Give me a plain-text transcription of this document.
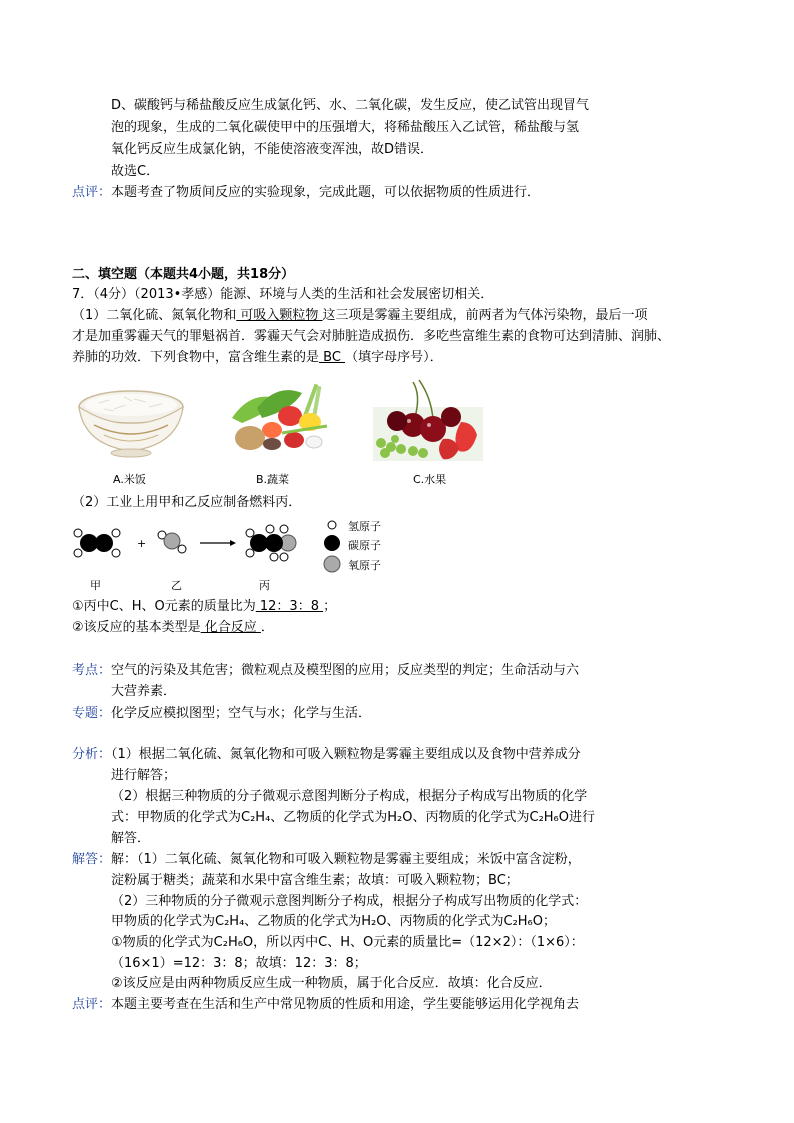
D、碳酸钙与稀盐酸反应生成氯化钙、水、二氧化碳，发生反应，使乙试管出现冒气
泡的现象，生成的二氧化碳使甲中的压强增大，将稀盐酸压入乙试管，稀盐酸与氢
氧化钙反应生成氯化钠，不能使溶液变浑浊，故D错误．
故选C．
点评：本题考查了物质间反应的实验现象，完成此题，可以依据物质的性质进行．
二、填空题（本题共4小题，共18分）
7．（4分）（2013•孝感）能源、环境与人类的生活和社会发展密切相关．
（1）二氧化硫、氮氧化物和 可吸入颗粒物 这三项是雾霾主要组成，前两者为气体污染物，最后一项
才是加重雾霾天气的罪魁祸首．雾霾天气会对肺脏造成损伤．多吃些富维生素的食物可达到清肺、润肺、
养肺的功效．下列食物中，富含维生素的是 BC （填字母序号）．
A.米饭	B.蔬菜	C.水果
（2）工业上用甲和乙反应制备燃料丙．
+
氢原子
碳原子
氧原子
甲	乙	丙
①丙中C、H、O元素的质量比为 12：3：8 ；
②该反应的基本类型是 化合反应 ．
考点：空气的污染及其危害；微粒观点及模型图的应用；反应类型的判定；生命活动与六
大营养素．
专题：化学反应模拟图型；空气与水；化学与生活．
分析：（1）根据二氧化硫、氮氧化物和可吸入颗粒物是雾霾主要组成以及食物中营养成分
进行解答；
（2）根据三种物质的分子微观示意图判断分子构成，根据分子构成写出物质的化学
式：甲物质的化学式为C₂H₄、乙物质的化学式为H₂O、丙物质的化学式为C₂H₆O进行
解答．
解答：解：（1）二氧化硫、氮氧化物和可吸入颗粒物是雾霾主要组成；米饭中富含淀粉，
淀粉属于糖类；蔬菜和水果中富含维生素；故填：可吸入颗粒物；BC；
（2）三种物质的分子微观示意图判断分子构成，根据分子构成写出物质的化学式：
甲物质的化学式为C₂H₄、乙物质的化学式为H₂O、丙物质的化学式为C₂H₆O；
①物质的化学式为C₂H₆O，所以丙中C、H、O元素的质量比=（12×2）：（1×6）：
（16×1）=12：3：8；故填：12：3：8；
②该反应是由两种物质反应生成一种物质，属于化合反应．故填：化合反应．
点评：本题主要考查在生活和生产中常见物质的性质和用途，学生要能够运用化学视角去
